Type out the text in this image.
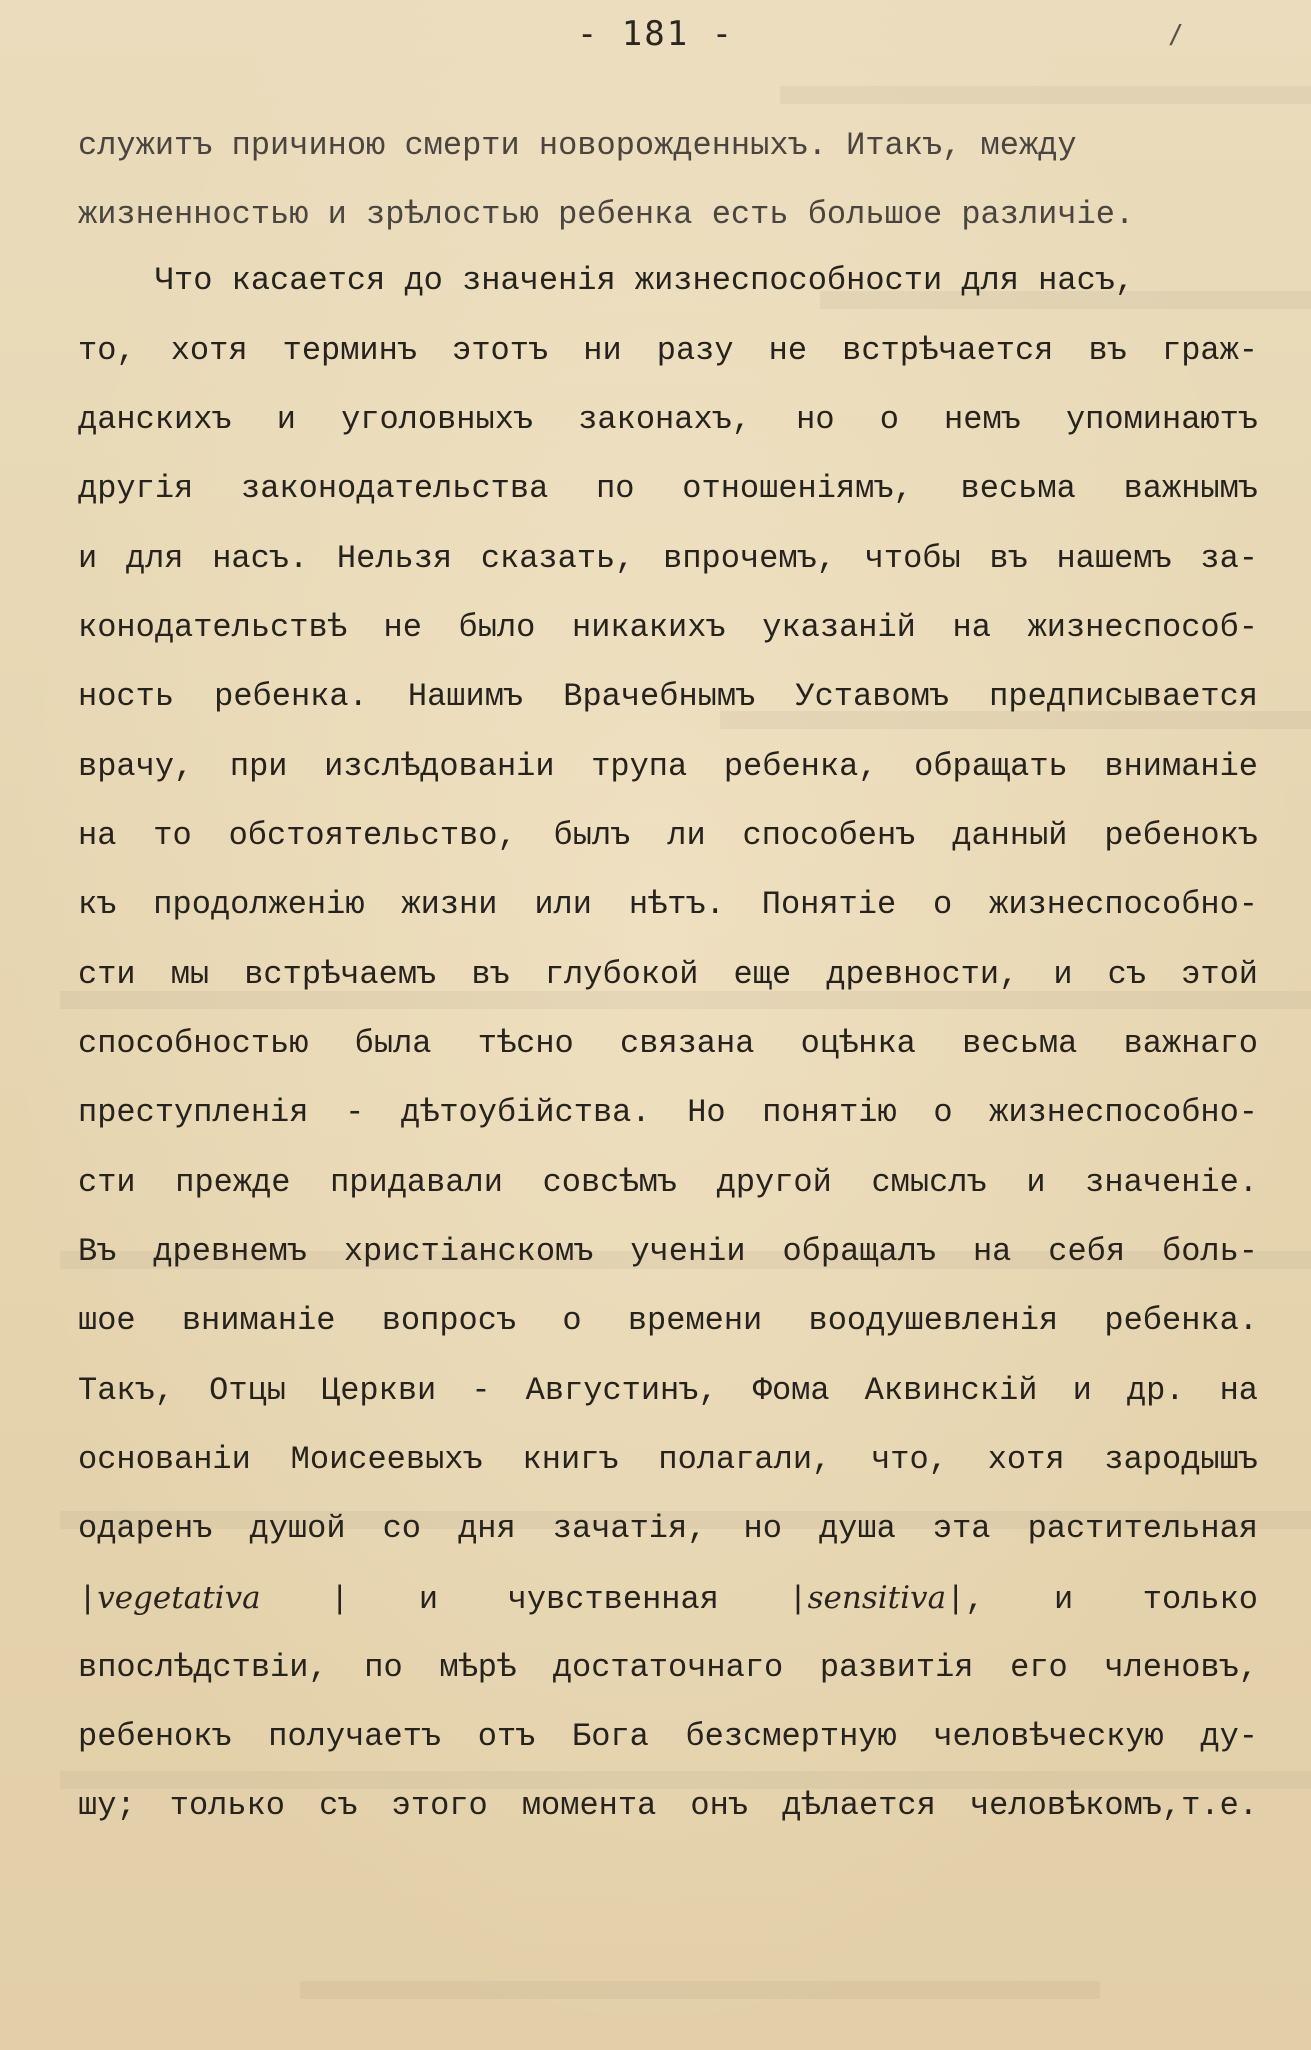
- 181 -	/
служитъ причиною смерти новорожденныхъ. Итакъ, между
жизненностью и зрѣлостью ребенка есть большое различiе.
Что касается до значенiя жизнеспособности для насъ,
то, хотя терминъ этотъ ни разу не встрѣчается въ граж-
данскихъ и уголовныхъ законахъ, но о немъ упоминаютъ
другiя законодательства по отношенiямъ, весьма важнымъ
и для насъ. Нельзя сказать, впрочемъ, чтобы въ нашемъ за-
конодательствѣ не было никакихъ указанiй на жизнеспособ-
ность ребенка. Нашимъ Врачебнымъ Уставомъ предписывается
врачу, при изслѣдованiи трупа ребенка, обращать вниманiе
на то обстоятельство, былъ ли способенъ данный ребенокъ
къ продолженiю жизни или нѣтъ. Понятiе о жизнеспособно-
сти мы встрѣчаемъ въ глубокой еще древности, и съ этой
способностью была тѣсно связана оцѣнка весьма важнаго
преступленiя - дѣтоубiйства. Но понятiю о жизнеспособно-
сти прежде придавали совсѣмъ другой смыслъ и значенiе.
Въ древнемъ христiанскомъ ученiи обращалъ на себя боль-
шое вниманiе вопросъ о времени воодушевленiя ребенка.
Такъ, Отцы Церкви - Августинъ, Фома Аквинскiй и др. на
основанiи Моисеевыхъ книгъ полагали, что, хотя зародышъ
одаренъ душой со дня зачатiя, но душа эта растительная
|vegetativa | и чувственная |sensitiva|, и только
впослѣдствiи, по мѣрѣ достаточнаго развитiя его членовъ,
ребенокъ получаетъ отъ Бога безсмертную человѣческую ду-
шу; только съ этого момента онъ дѣлается человѣкомъ,т.е.
